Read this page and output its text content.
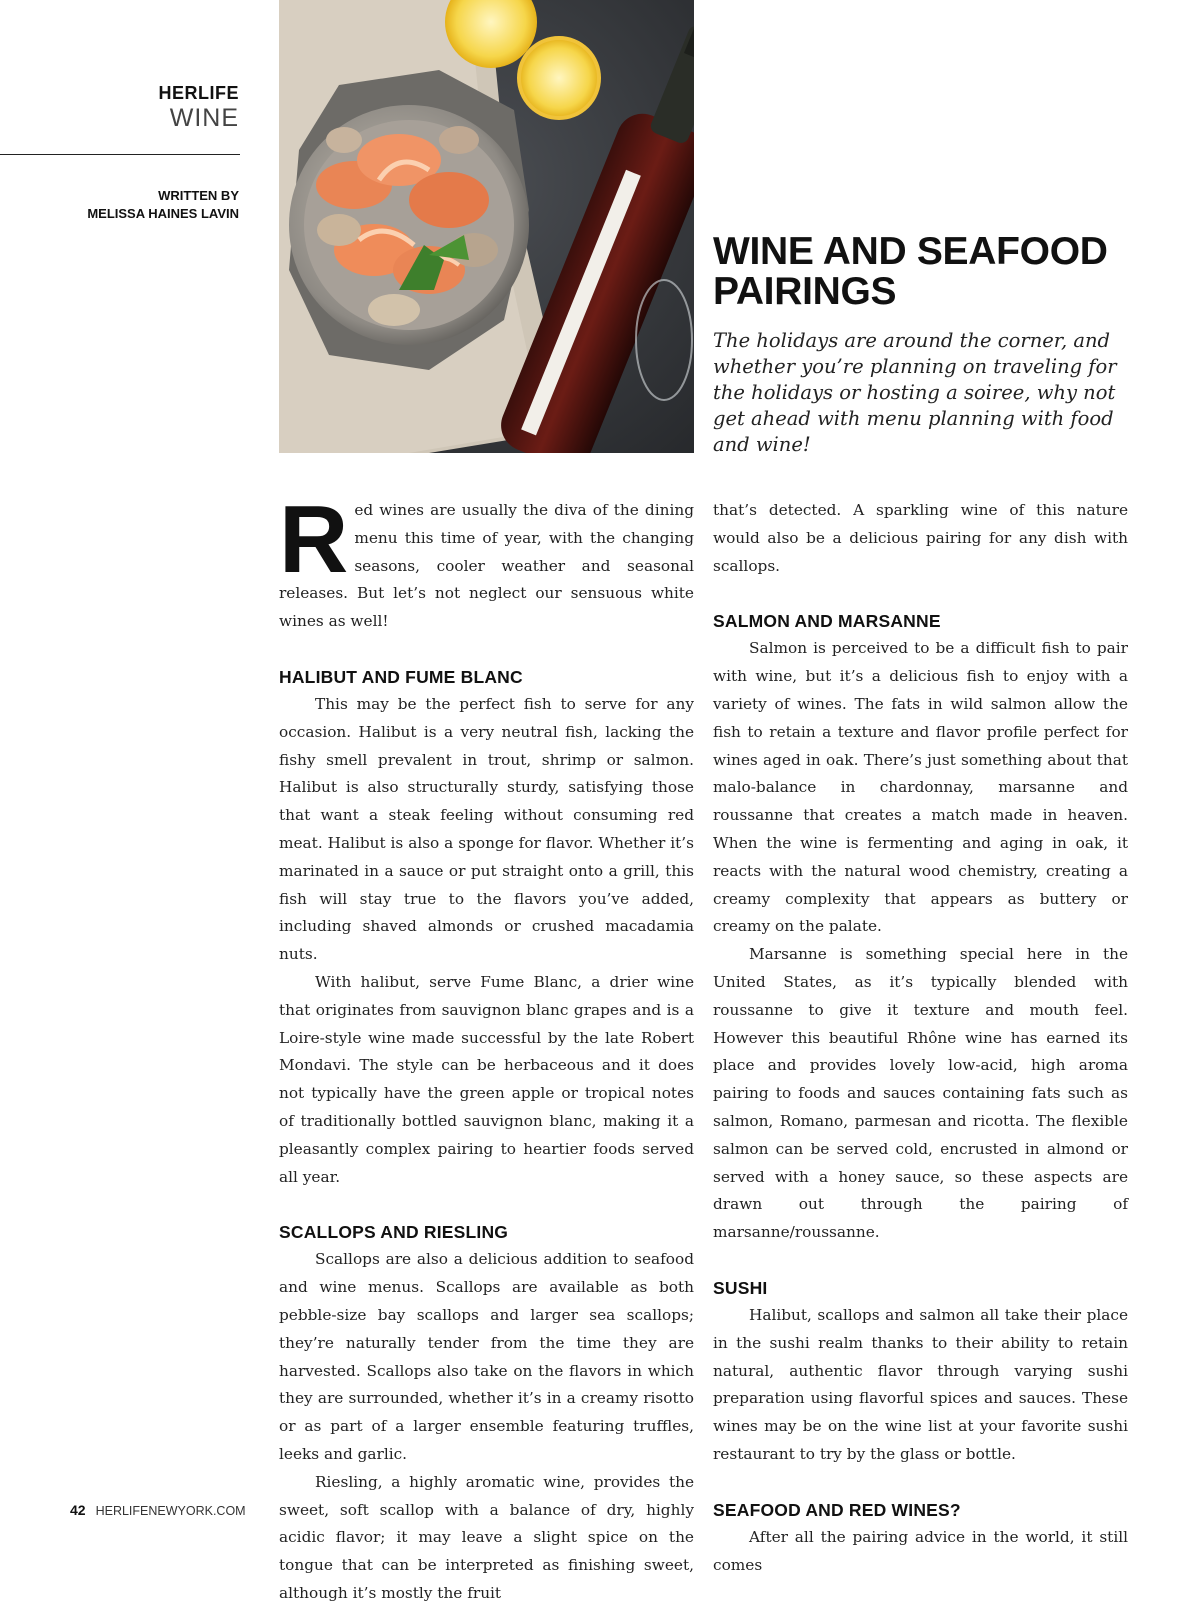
HERLIFE
WINE
WRITTEN BY
MELISSA HAINES LAVIN
WINE AND SEAFOOD PAIRINGS

The holidays are around the corner, and whether you’re planning on traveling for the holidays or hosting a soiree, why not get ahead with menu planning with food and wine!

Red wines are usually the diva of the dining menu this time of year, with the changing seasons, cooler weather and seasonal releases. But let’s not neglect our sensuous white wines as well!

HALIBUT AND FUME BLANC

This may be the perfect fish to serve for any occasion. Halibut is a very neutral fish, lacking the fishy smell prevalent in trout, shrimp or salmon. Halibut is also structurally sturdy, satisfying those that want a steak feeling without consuming red meat. Halibut is also a sponge for flavor. Whether it’s marinated in a sauce or put straight onto a grill, this fish will stay true to the flavors you’ve added, including shaved almonds or crushed macadamia nuts.

With halibut, serve Fume Blanc, a drier wine that originates from sauvignon blanc grapes and is a Loire-style wine made successful by the late Robert Mondavi. The style can be herbaceous and it does not typically have the green apple or tropical notes of traditionally bottled sauvignon blanc, making it a pleasantly complex pairing to heartier foods served all year.

SCALLOPS AND RIESLING

Scallops are also a delicious addition to seafood and wine menus. Scallops are available as both pebble-size bay scallops and larger sea scallops; they’re naturally tender from the time they are harvested. Scallops also take on the flavors in which they are surrounded, whether it’s in a creamy risotto or as part of a larger ensemble featuring truffles, leeks and garlic.

Riesling, a highly aromatic wine, provides the sweet, soft scallop with a balance of dry, highly acidic flavor; it may leave a slight spice on the tongue that can be interpreted as finishing sweet, although it’s mostly the fruit

that’s detected. A sparkling wine of this nature would also be a delicious pairing for any dish with scallops.

SALMON AND MARSANNE

Salmon is perceived to be a difficult fish to pair with wine, but it’s a delicious fish to enjoy with a variety of wines. The fats in wild salmon allow the fish to retain a texture and flavor profile perfect for wines aged in oak. There’s just something about that malo-balance in chardonnay, marsanne and roussanne that creates a match made in heaven. When the wine is fermenting and aging in oak, it reacts with the natural wood chemistry, creating a creamy complexity that appears as buttery or creamy on the palate.

Marsanne is something special here in the United States, as it’s typically blended with roussanne to give it texture and mouth feel. However this beautiful Rhône wine has earned its place and provides lovely low-acid, high aroma pairing to foods and sauces containing fats such as salmon, Romano, parmesan and ricotta. The flexible salmon can be served cold, encrusted in almond or served with a honey sauce, so these aspects are drawn out through the pairing of marsanne/roussanne.

SUSHI

Halibut, scallops and salmon all take their place in the sushi realm thanks to their ability to retain natural, authentic flavor through varying sushi preparation using flavorful spices and sauces. These wines may be on the wine list at your favorite sushi restaurant to try by the glass or bottle.

SEAFOOD AND RED WINES?

After all the pairing advice in the world, it still comes

42 HERLIFENEWYORK.COM
